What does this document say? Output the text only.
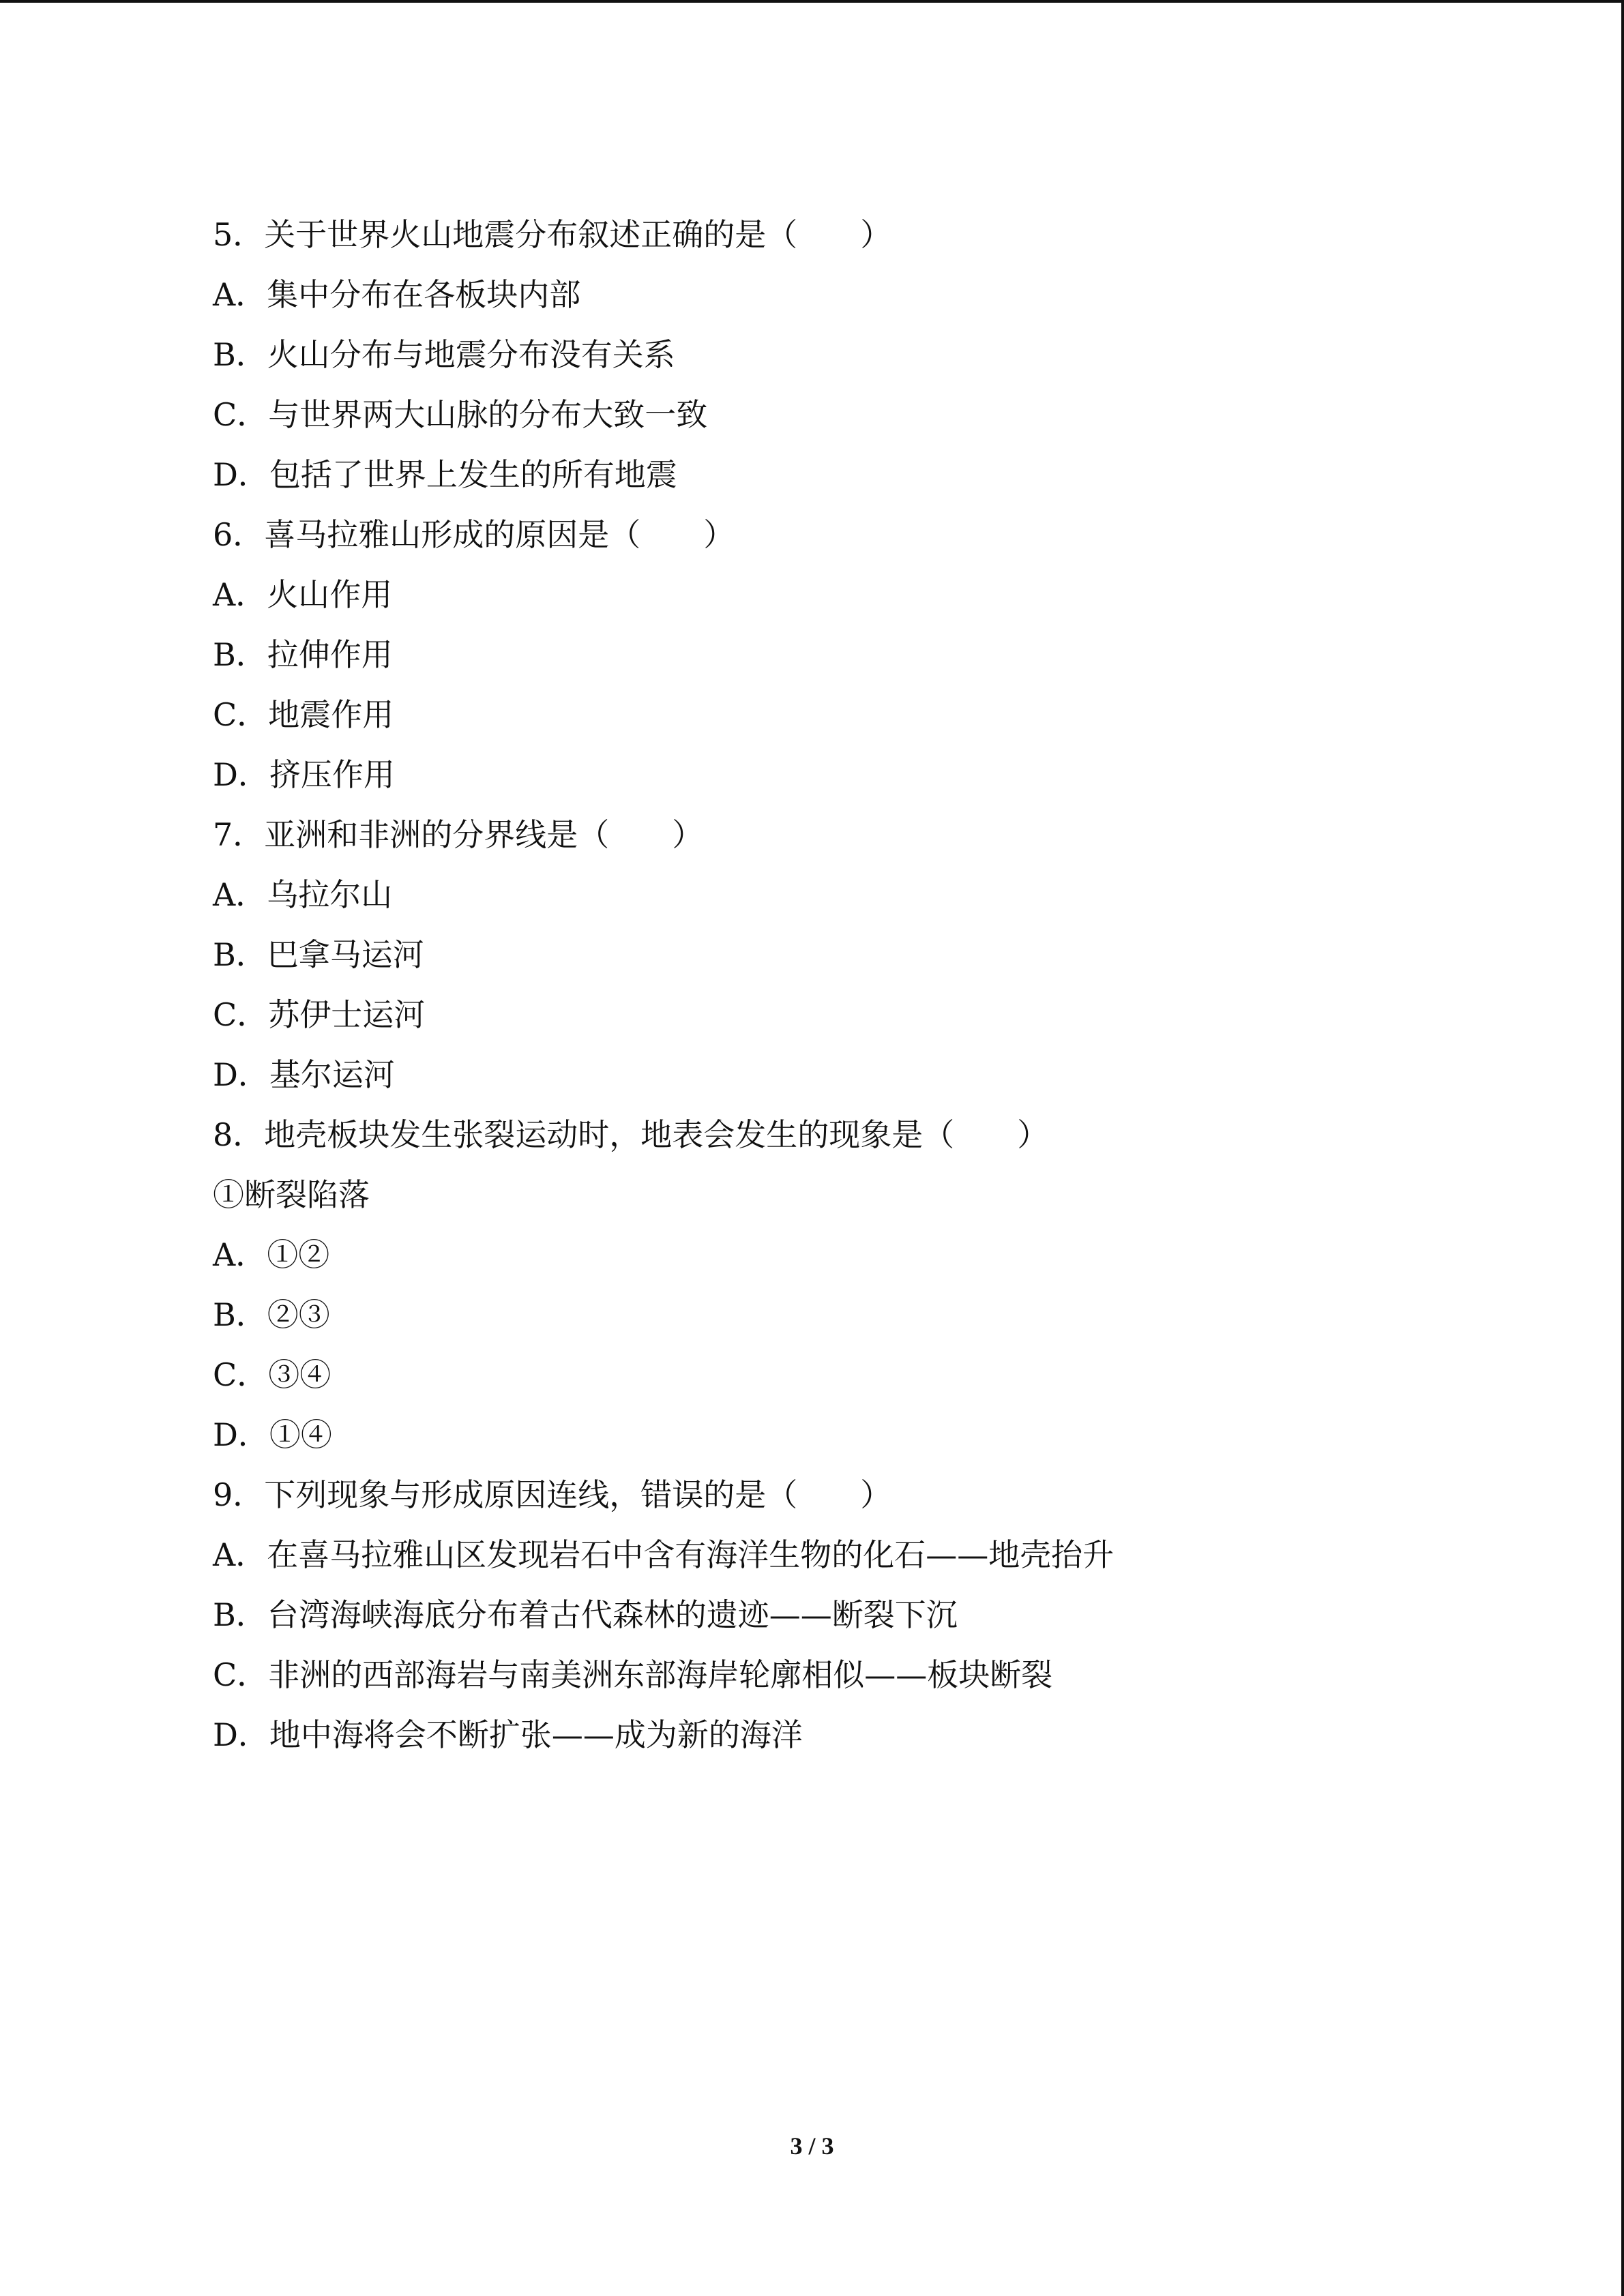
5．关于世界火山地震分布叙述正确的是（　　）
A．集中分布在各板块内部
B．火山分布与地震分布没有关系
C．与世界两大山脉的分布大致一致
D．包括了世界上发生的所有地震
6．喜马拉雅山形成的原因是（　　）
A．火山作用
B．拉伸作用
C．地震作用
D．挤压作用
7．亚洲和非洲的分界线是（　　）
A．乌拉尔山
B．巴拿马运河
C．苏伊士运河
D．基尔运河
8．地壳板块发生张裂运动时，地表会发生的现象是（　　）
①断裂陷落
A．①②
B．②③
C．③④
D．①④
9．下列现象与形成原因连线，错误的是（　　）
A．在喜马拉雅山区发现岩石中含有海洋生物的化石——地壳抬升
B．台湾海峡海底分布着古代森林的遗迹——断裂下沉
C．非洲的西部海岩与南美洲东部海岸轮廓相似——板块断裂
D．地中海将会不断扩张——成为新的海洋
3 / 3
